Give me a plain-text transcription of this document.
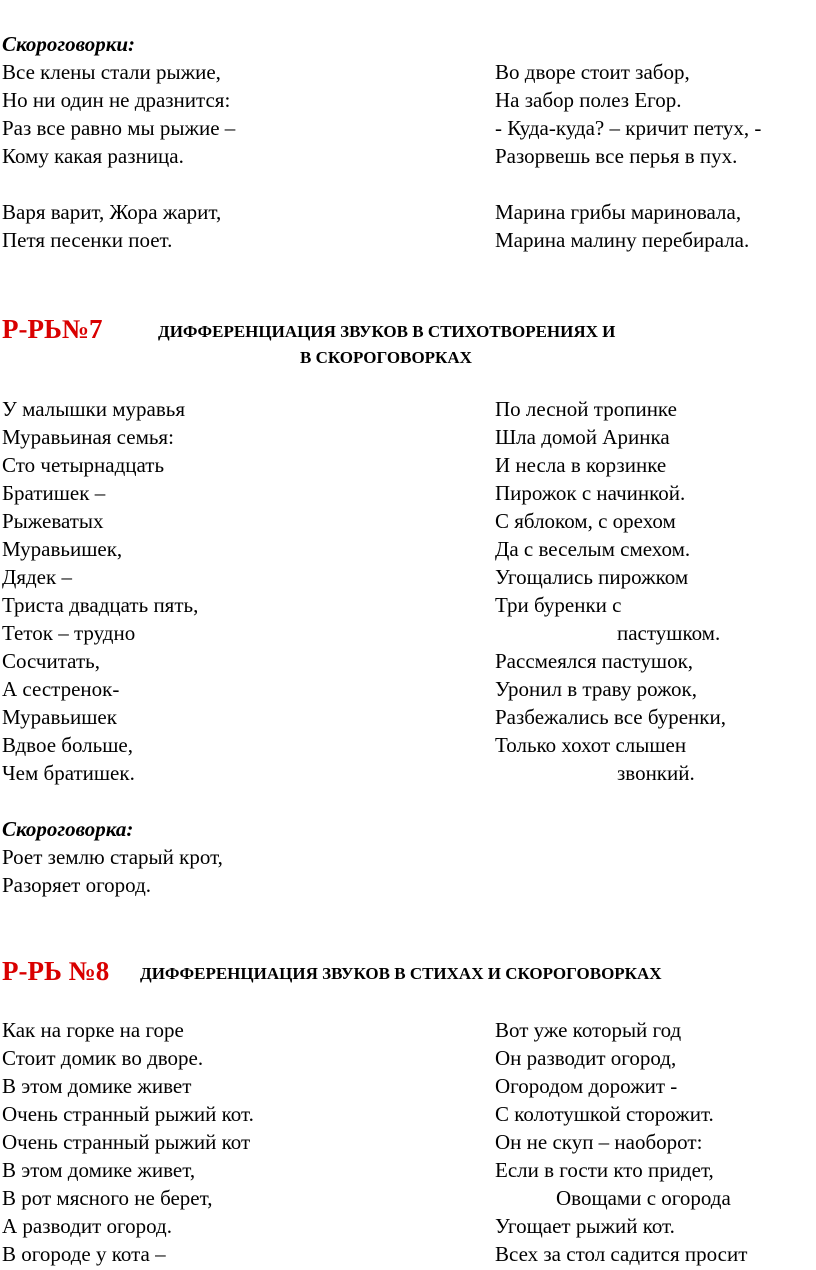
Скороговорки:
Все клены стали рыжие,
Но ни один не дразнится:
Раз все равно мы рыжие –
Кому какая разница.
Во дворе стоит забор,
На забор полез Егор.
- Куда-куда? – кричит петух, -
Разорвешь все перья в пух.
Варя варит, Жора жарит,
Петя песенки поет.
Марина грибы мариновала,
Марина малину перебирала.
Р-РЬ№7	ДИФФЕРЕНЦИАЦИЯ ЗВУКОВ В СТИХОТВОРЕНИЯХ И
В СКОРОГОВОРКАХ
У малышки муравья
Муравьиная семья:
Сто четырнадцать
Братишек –
Рыжеватых
Муравьишек,
Дядек –
Триста двадцать пять,
Теток – трудно
Сосчитать,
А сестренок-
Муравьишек
Вдвое больше,
Чем братишек.
По лесной тропинке
Шла домой Аринка
И несла в корзинке
Пирожок с начинкой.
С яблоком, с орехом
Да с веселым смехом.
Угощались пирожком
Три буренки с
пастушком.
Рассмеялся пастушок,
Уронил в траву рожок,
Разбежались все буренки,
Только хохот слышен
звонкий.
Скороговорка:
Роет землю старый крот,
Разоряет огород.
Р-РЬ №8 ДИФФЕРЕНЦИАЦИЯ ЗВУКОВ В СТИХАХ И СКОРОГОВОРКАХ
Как на горке на горе
Стоит домик во дворе.
В этом домике живет
Очень странный рыжий кот.
Очень странный рыжий кот
В этом домике живет,
В рот мясного не берет,
А разводит огород.
В огороде у кота –
Вот уже который год
Он разводит огород,
Огородом дорожит -
С колотушкой сторожит.
Он не скуп – наоборот:
Если в гости кто придет,
Овощами с огорода
Угощает рыжий кот.
Всех за стол садится просит
